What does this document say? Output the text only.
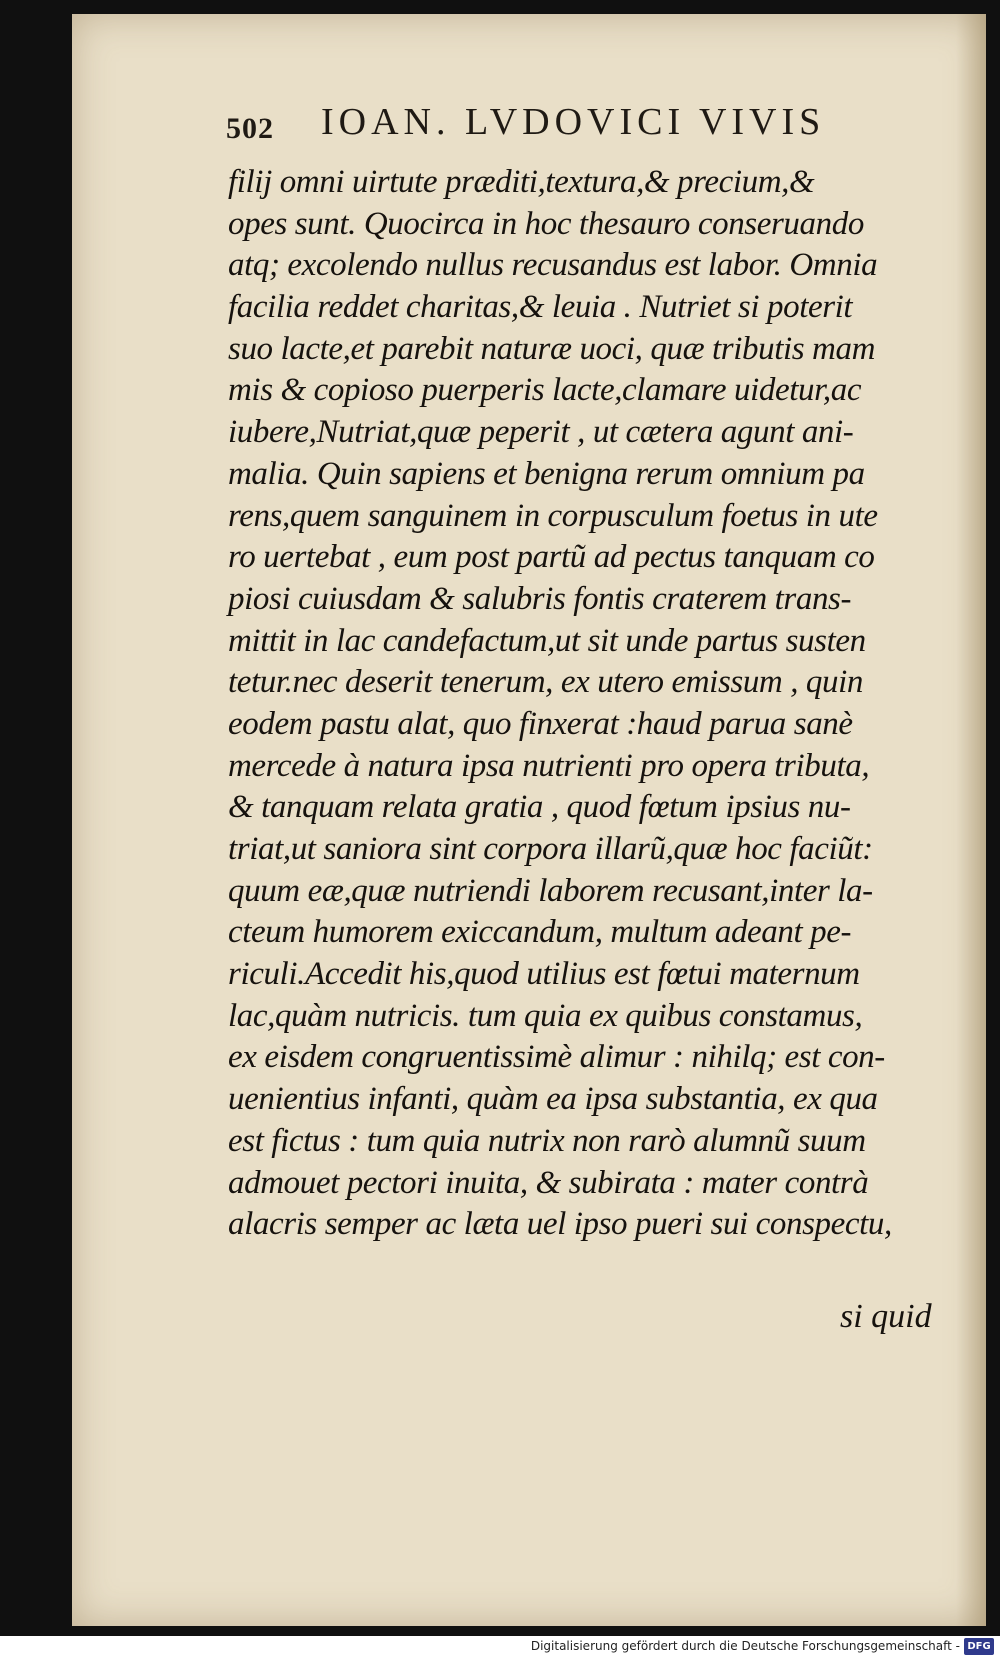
502 IOAN. LVDOVICI VIVIS
filij omni uirtute præditi,textura,& precium,&
opes sunt. Quocirca in hoc thesauro conseruando
atq; excolendo nullus recusandus est labor. Omnia
facilia reddet charitas,& leuia . Nutriet si poterit
suo lacte,et parebit naturæ uoci, quæ tributis mam
mis & copioso puerperis lacte,clamare uidetur,ac
iubere,Nutriat,quæ peperit , ut cætera agunt ani-
malia. Quin sapiens et benigna rerum omnium pa
rens,quem sanguinem in corpusculum foetus in ute
ro uertebat , eum post partũ ad pectus tanquam co
piosi cuiusdam & salubris fontis craterem trans-
mittit in lac candefactum,ut sit unde partus susten
tetur.nec deserit tenerum, ex utero emissum , quin
eodem pastu alat, quo finxerat :haud parua sanè
mercede à natura ipsa nutrienti pro opera tributa,
& tanquam relata gratia , quod fœtum ipsius nu-
triat,ut saniora sint corpora illarũ,quæ hoc faciũt:
quum eæ,quæ nutriendi laborem recusant,inter la-
cteum humorem exiccandum, multum adeant pe-
riculi.Accedit his,quod utilius est fœtui maternum
lac,quàm nutricis. tum quia ex quibus constamus,
ex eisdem congruentissimè alimur : nihilq; est con-
uenientius infanti, quàm ea ipsa substantia, ex qua
est fictus : tum quia nutrix non rarò alumnũ suum
admouet pectori inuita, & subirata : mater contrà
alacris semper ac læta uel ipso pueri sui conspectu,
si quid
Digitalisierung gefördert durch die Deutsche Forschungsgemeinschaft - DFG
